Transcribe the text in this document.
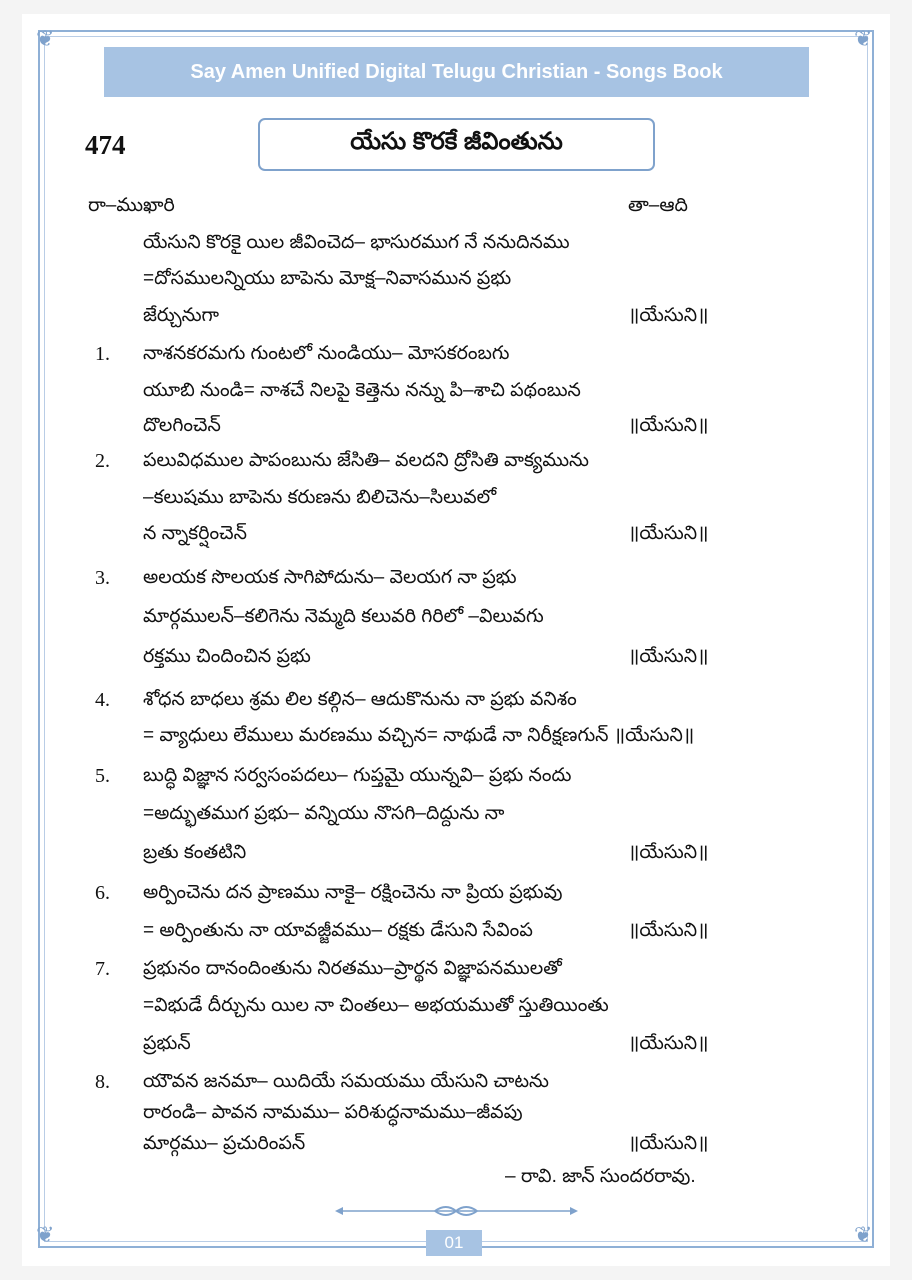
❦	❦
❦	❦
Say Amen Unified Digital Telugu Christian - Songs Book
474	యేసు కొరకే జీవింతును
రా–ముఖారి	తా–ఆది
యేసుని కొరకై యిల జీవించెద– భాసురముగ నే ననుదినము
=దోసములన్నియు బాపెను మోక్ష–నివాసమున ప్రభు
జేర్చునుగా	॥యేసుని॥
1. నాశనకరమగు గుంటలో నుండియు– మోసకరంబగు
యూబి నుండి= నాశచే నిలపై కెత్తెను నన్ను పి–శాచి పథంబున
దొలగించెన్	॥యేసుని॥
2. పలువిధముల పాపంబును జేసితి– వలదని ద్రోసితి వాక్యమును
–కలుషము బాపెను కరుణను బిలిచెను–సిలువలో
న న్నాకర్షించెన్	॥యేసుని॥
3. అలయక సొలయక సాగిపోదును– వెలయగ నా ప్రభు
మార్గములన్–కలిగెను నెమ్మది కలువరి గిరిలో –విలువగు
రక్తము చిందించిన ప్రభు	॥యేసుని॥
4. శోధన బాధలు శ్రమ లిల కల్గిన– ఆదుకొనును నా ప్రభు వనిశం
= వ్యాధులు లేములు మరణము వచ్చిన= నాథుడే నా నిరీక్షణగున్ ॥యేసుని॥
5. బుద్ధి విజ్ఞాన సర్వసంపదలు– గుప్తమై యున్నవి– ప్రభు నందు
=అద్భుతముగ ప్రభు– వన్నియు నొసగి–దిద్దును నా
బ్రతు కంతటిని	॥యేసుని॥
6. అర్పించెను దన ప్రాణము నాకై– రక్షించెను నా ప్రియ ప్రభువు
= అర్పింతును నా యావజ్జీవము– రక్షకు డేసుని సేవింప	॥యేసుని॥
7. ప్రభునం దానందింతును నిరతము–ప్రార్థన విజ్ఞాపనములతో
=విభుడే దీర్చును యిల నా చింతలు– అభయముతో స్తుతియింతు
ప్రభున్	॥యేసుని॥
8. యౌవన జనమా– యిదియే సమయము యేసుని చాటను
రారండి– పావన నామము– పరిశుద్ధనామము–జీవపు
మార్గము– ప్రచురింపన్	॥యేసుని॥
– రావి. జాన్ సుందరరావు.
01
